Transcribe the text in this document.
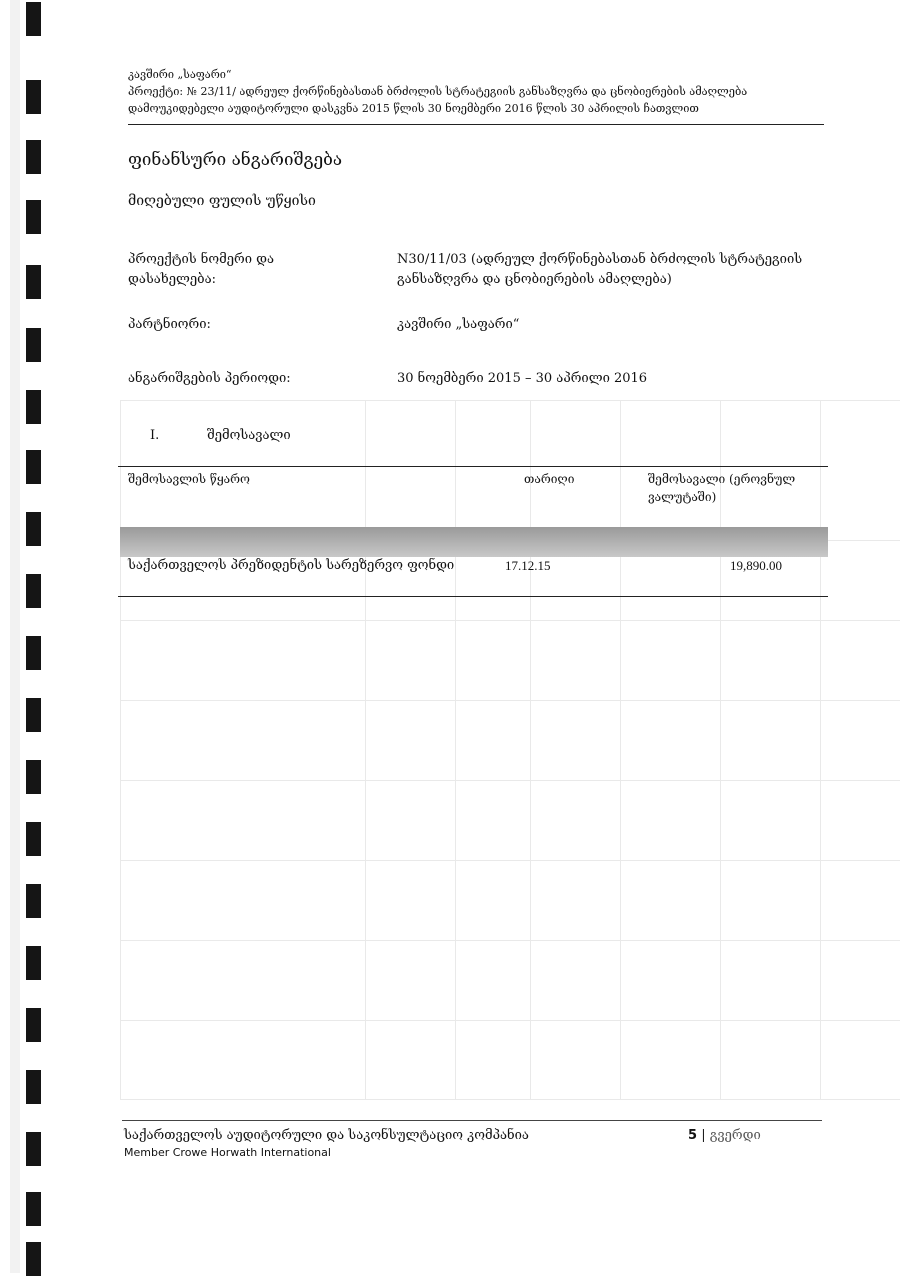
კავშირი „საფარი“
პროექტი: № 23/11/ ადრეულ ქორწინებასთან ბრძოლის სტრატეგიის განსაზღვრა და ცნობიერების ამაღლება
დამოუკიდებელი აუდიტორული დასკვნა 2015 წლის 30 ნოემბერი 2016 წლის 30 აპრილის ჩათვლით
ფინანსური ანგარიშგება
მიღებული ფულის უწყისი
პროექტის ნომერი და დასახელება:
N30/11/03 (ადრეულ ქორწინებასთან ბრძოლის სტრატეგიის განსაზღვრა და ცნობიერების ამაღლება)
პარტნიორი:	კავშირი „საფარი“
ანგარიშგების პერიოდი:	30 ნოემბერი 2015 – 30 აპრილი 2016
I.	შემოსავალი
შემოსავლის წყარო	თარიღი	შემოსავალი (ეროვნულ ვალუტაში)
საქართველოს პრეზიდენტის სარეზერვო ფონდი	17.12.15	19,890.00
საქართველოს აუდიტორული და საკონსულტაციო კომპანია
Member Crowe Horwath International
5 | გვერდი
